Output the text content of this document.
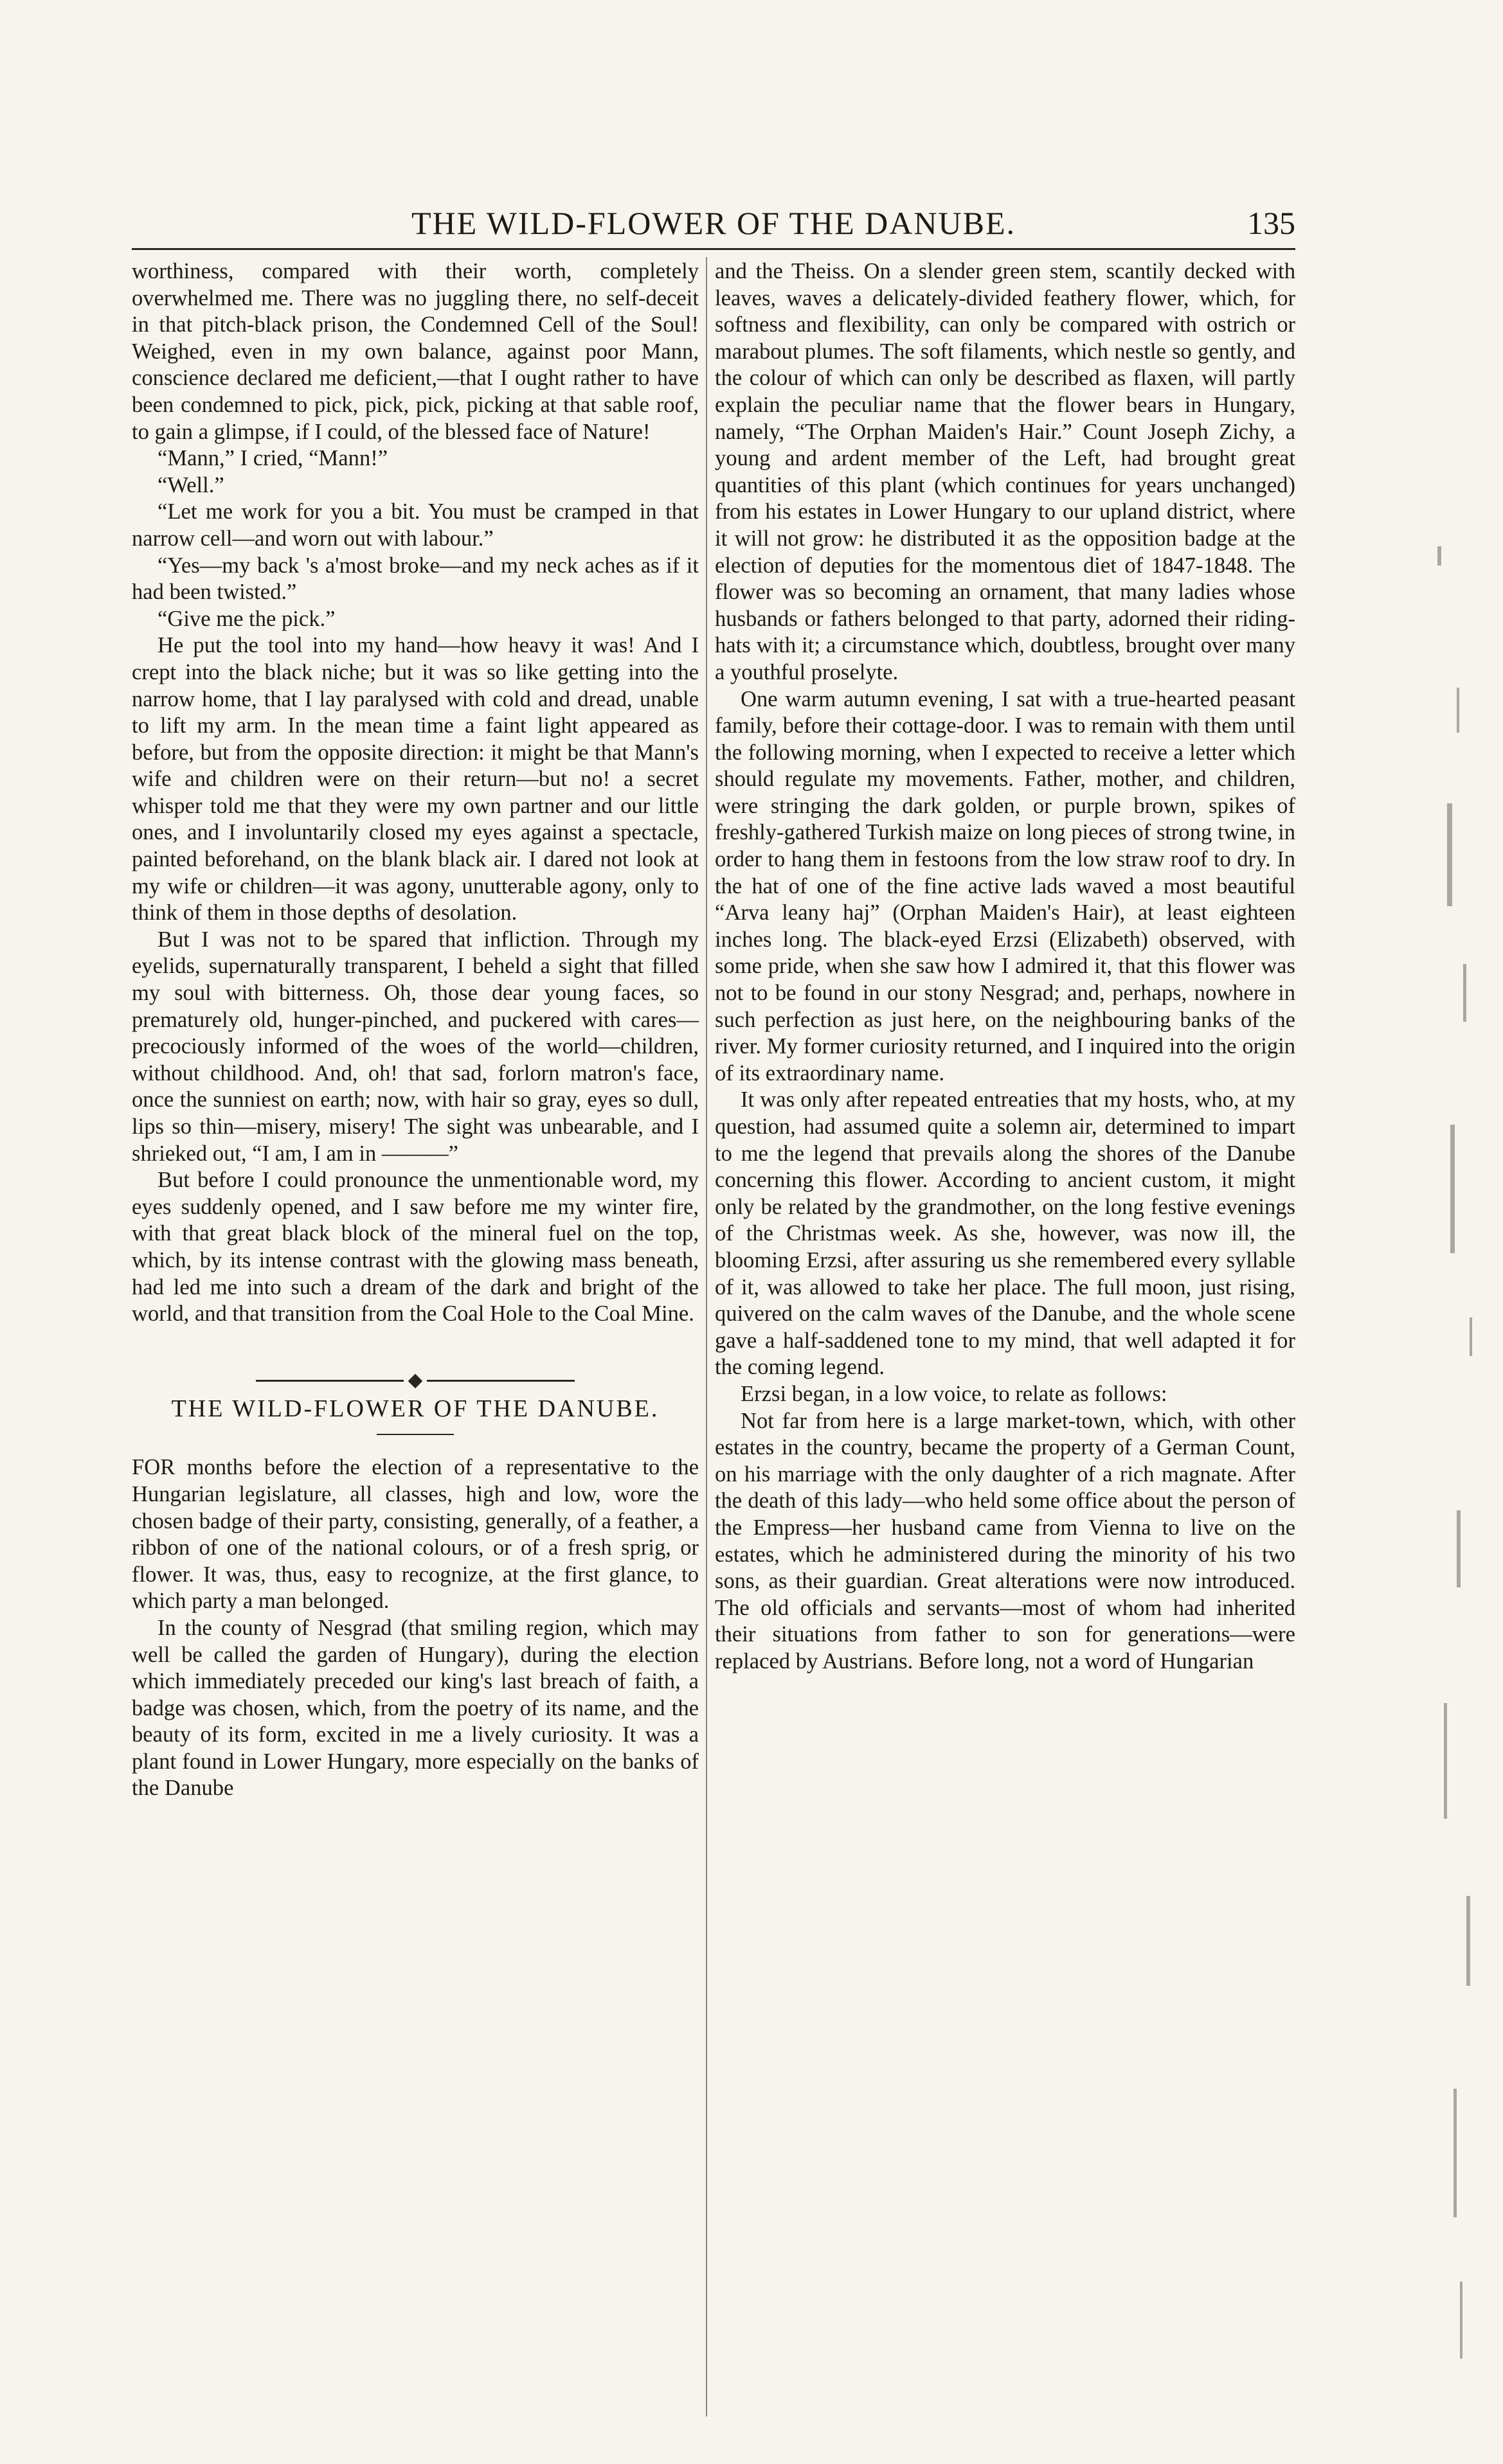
THE WILD-FLOWER OF THE DANUBE.	135

worthiness, compared with their worth, completely overwhelmed me. There was no juggling there, no self-deceit in that pitch-black prison, the Condemned Cell of the Soul! Weighed, even in my own balance, against poor Mann, conscience declared me deficient,—that I ought rather to have been condemned to pick, pick, pick, picking at that sable roof, to gain a glimpse, if I could, of the blessed face of Nature!

“Mann,” I cried, “Mann!”

“Well.”

“Let me work for you a bit. You must be cramped in that narrow cell—and worn out with labour.”

“Yes—my back 's a'most broke—and my neck aches as if it had been twisted.”

“Give me the pick.”

He put the tool into my hand—how heavy it was! And I crept into the black niche; but it was so like getting into the narrow home, that I lay paralysed with cold and dread, unable to lift my arm. In the mean time a faint light appeared as before, but from the opposite direction: it might be that Mann's wife and children were on their return—but no! a secret whisper told me that they were my own partner and our little ones, and I involuntarily closed my eyes against a spectacle, painted beforehand, on the blank black air. I dared not look at my wife or children—it was agony, unutterable agony, only to think of them in those depths of desolation.

But I was not to be spared that infliction. Through my eyelids, supernaturally transparent, I beheld a sight that filled my soul with bitterness. Oh, those dear young faces, so prematurely old, hunger-pinched, and puckered with cares—precociously informed of the woes of the world—children, without childhood. And, oh! that sad, forlorn matron's face, once the sunniest on earth; now, with hair so gray, eyes so dull, lips so thin—misery, misery! The sight was unbearable, and I shrieked out, “I am, I am in ———”

But before I could pronounce the unmentionable word, my eyes suddenly opened, and I saw before me my winter fire, with that great black block of the mineral fuel on the top, which, by its intense contrast with the glowing mass beneath, had led me into such a dream of the dark and bright of the world, and that transition from the Coal Hole to the Coal Mine.

THE WILD-FLOWER OF THE DANUBE.

FOR months before the election of a representative to the Hungarian legislature, all classes, high and low, wore the chosen badge of their party, consisting, generally, of a feather, a ribbon of one of the national colours, or of a fresh sprig, or flower. It was, thus, easy to recognize, at the first glance, to which party a man belonged.

In the county of Nesgrad (that smiling region, which may well be called the garden of Hungary), during the election which immediately preceded our king's last breach of faith, a badge was chosen, which, from the poetry of its name, and the beauty of its form, excited in me a lively curiosity. It was a plant found in Lower Hungary, more especially on the banks of the Danube

and the Theiss. On a slender green stem, scantily decked with leaves, waves a delicately-divided feathery flower, which, for softness and flexibility, can only be compared with ostrich or marabout plumes. The soft filaments, which nestle so gently, and the colour of which can only be described as flaxen, will partly explain the peculiar name that the flower bears in Hungary, namely, “The Orphan Maiden's Hair.” Count Joseph Zichy, a young and ardent member of the Left, had brought great quantities of this plant (which continues for years unchanged) from his estates in Lower Hungary to our upland district, where it will not grow: he distributed it as the opposition badge at the election of deputies for the momentous diet of 1847-1848. The flower was so becoming an ornament, that many ladies whose husbands or fathers belonged to that party, adorned their riding-hats with it; a circumstance which, doubtless, brought over many a youthful proselyte.

One warm autumn evening, I sat with a true-hearted peasant family, before their cottage-door. I was to remain with them until the following morning, when I expected to receive a letter which should regulate my movements. Father, mother, and children, were stringing the dark golden, or purple brown, spikes of freshly-gathered Turkish maize on long pieces of strong twine, in order to hang them in festoons from the low straw roof to dry. In the hat of one of the fine active lads waved a most beautiful “Arva leany haj” (Orphan Maiden's Hair), at least eighteen inches long. The black-eyed Erzsi (Elizabeth) observed, with some pride, when she saw how I admired it, that this flower was not to be found in our stony Nesgrad; and, perhaps, nowhere in such perfection as just here, on the neighbouring banks of the river. My former curiosity returned, and I inquired into the origin of its extraordinary name.

It was only after repeated entreaties that my hosts, who, at my question, had assumed quite a solemn air, determined to impart to me the legend that prevails along the shores of the Danube concerning this flower. According to ancient custom, it might only be related by the grandmother, on the long festive evenings of the Christmas week. As she, however, was now ill, the blooming Erzsi, after assuring us she remembered every syllable of it, was allowed to take her place. The full moon, just rising, quivered on the calm waves of the Danube, and the whole scene gave a half-saddened tone to my mind, that well adapted it for the coming legend.

Erzsi began, in a low voice, to relate as follows:

Not far from here is a large market-town, which, with other estates in the country, became the property of a German Count, on his marriage with the only daughter of a rich magnate. After the death of this lady—who held some office about the person of the Empress—her husband came from Vienna to live on the estates, which he administered during the minority of his two sons, as their guardian. Great alterations were now introduced. The old officials and servants—most of whom had inherited their situations from father to son for generations—were replaced by Austrians. Before long, not a word of Hungarian
